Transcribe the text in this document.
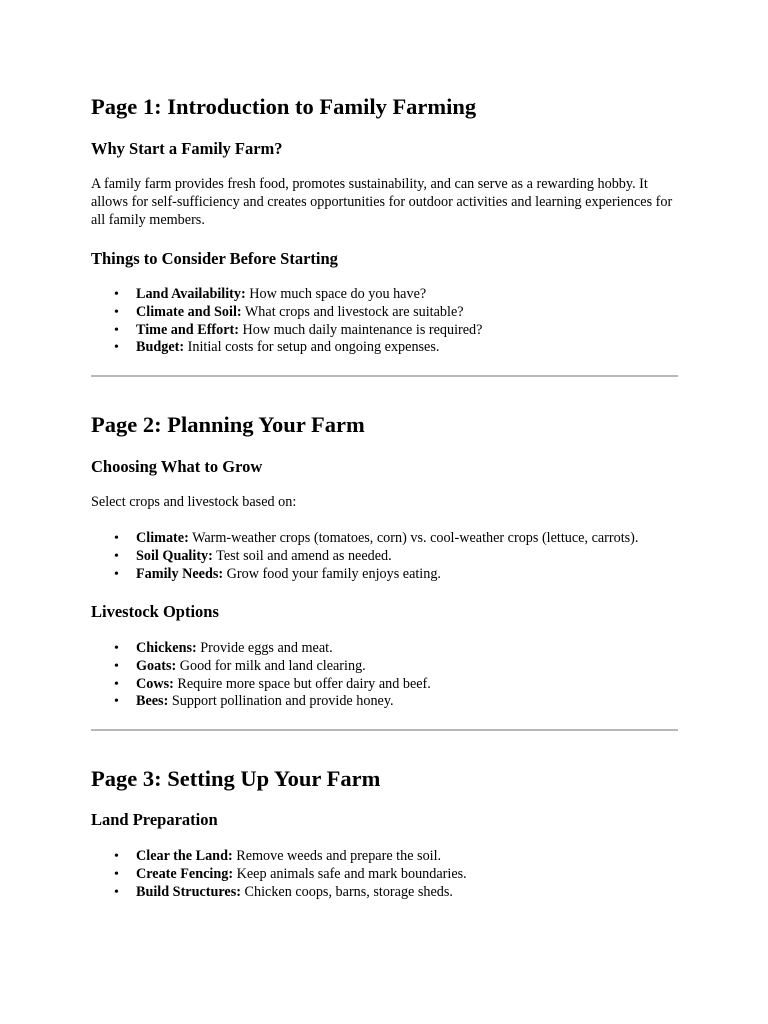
Page 1: Introduction to Family Farming
Why Start a Family Farm?

A family farm provides fresh food, promotes sustainability, and can serve as a rewarding hobby. It allows for self-sufficiency and creates opportunities for outdoor activities and learning experiences for all family members.

Things to Consider Before Starting
• Land Availability: How much space do you have?
• Climate and Soil: What crops and livestock are suitable?
• Time and Effort: How much daily maintenance is required?
• Budget: Initial costs for setup and ongoing expenses.
Page 2: Planning Your Farm
Choosing What to Grow

Select crops and livestock based on:

• Climate: Warm-weather crops (tomatoes, corn) vs. cool-weather crops (lettuce, carrots).
• Soil Quality: Test soil and amend as needed.
• Family Needs: Grow food your family enjoys eating.
Livestock Options
• Chickens: Provide eggs and meat.
• Goats: Good for milk and land clearing.
• Cows: Require more space but offer dairy and beef.
• Bees: Support pollination and provide honey.
Page 3: Setting Up Your Farm
Land Preparation
• Clear the Land: Remove weeds and prepare the soil.
• Create Fencing: Keep animals safe and mark boundaries.
• Build Structures: Chicken coops, barns, storage sheds.
